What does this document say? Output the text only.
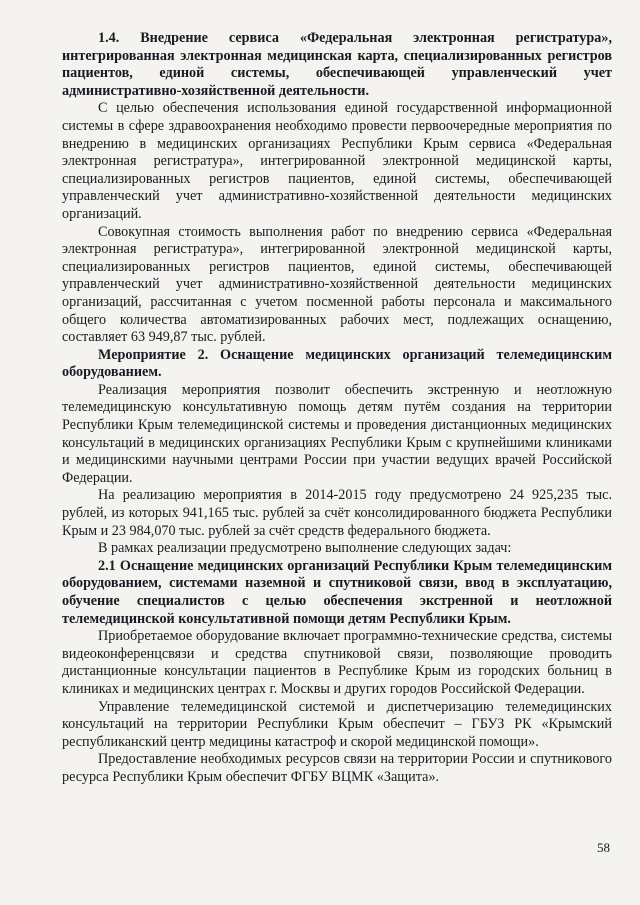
1.4. Внедрение сервиса «Федеральная электронная регистратура», интегрированная электронная медицинская карта, специализированных регистров пациентов, единой системы, обеспечивающей управленческий учет административно-хозяйственной деятельности.

С целью обеспечения использования единой государственной информационной системы в сфере здравоохранения необходимо провести первоочередные мероприятия по внедрению в медицинских организациях Республики Крым сервиса «Федеральная электронная регистратура», интегрированной электронной медицинской карты, специализированных регистров пациентов, единой системы, обеспечивающей управленческий учет административно-хозяйственной деятельности медицинских организаций.

Совокупная стоимость выполнения работ по внедрению сервиса «Федеральная электронная регистратура», интегрированной электронной медицинской карты, специализированных регистров пациентов, единой системы, обеспечивающей управленческий учет административно-хозяйственной деятельности медицинских организаций, рассчитанная с учетом посменной работы персонала и максимального общего количества автоматизированных рабочих мест, подлежащих оснащению, составляет 63 949,87 тыс. рублей.

Мероприятие 2. Оснащение медицинских организаций телемедицинским оборудованием.

Реализация мероприятия позволит обеспечить экстренную и неотложную телемедицинскую консультативную помощь детям путём создания на территории Республики Крым телемедицинской системы и проведения дистанционных медицинских консультаций в медицинских организациях Республики Крым с крупнейшими клиниками и медицинскими научными центрами России при участии ведущих врачей Российской Федерации.

На реализацию мероприятия в 2014-2015 году предусмотрено 24 925,235 тыс. рублей, из которых 941,165 тыс. рублей за счёт консолидированного бюджета Республики Крым и 23 984,070 тыс. рублей за счёт средств федерального бюджета.

В рамках реализации предусмотрено выполнение следующих задач:

2.1 Оснащение медицинских организаций Республики Крым телемедицинским оборудованием, системами наземной и спутниковой связи, ввод в эксплуатацию, обучение специалистов с целью обеспечения экстренной и неотложной телемедицинской консультативной помощи детям Республики Крым.

Приобретаемое оборудование включает программно-технические средства, системы видеоконференцсвязи и средства спутниковой связи, позволяющие проводить дистанционные консультации пациентов в Республике Крым из городских больниц в клиниках и медицинских центрах г. Москвы и других городов Российской Федерации.

Управление телемедицинской системой и диспетчеризацию телемедицинских консультаций на территории Республики Крым обеспечит – ГБУЗ РК «Крымский республиканский центр медицины катастроф и скорой медицинской помощи».

Предоставление необходимых ресурсов связи на территории России и спутникового ресурса Республики Крым обеспечит ФГБУ ВЦМК «Защита».

58
